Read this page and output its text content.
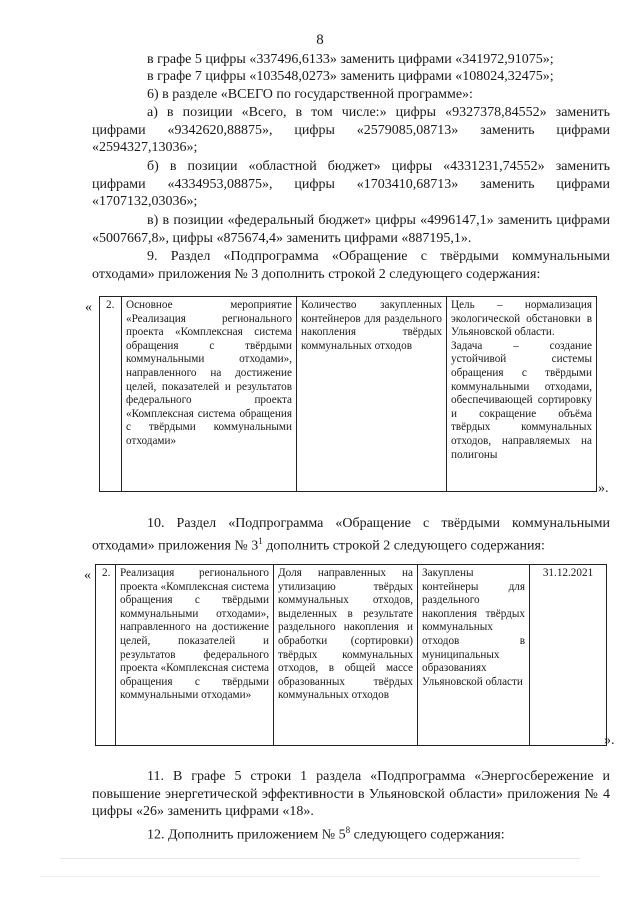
8
в графе 5 цифры «337496,6133» заменить цифрами «341972,91075»;
в графе 7 цифры «103548,0273» заменить цифрами «108024,32475»;
6) в разделе «ВСЕГО по государственной программе»:
а) в позиции «Всего, в том числе:» цифры «9327378,84552» заменить цифрами «9342620,88875», цифры «2579085,08713» заменить цифрами «2594327,13036»;
б) в позиции «областной бюджет» цифры «4331231,74552» заменить цифрами «4334953,08875», цифры «1703410,68713» заменить цифрами «1707132,03036»;
в) в позиции «федеральный бюджет» цифры «4996147,1» заменить цифрами «5007667,8», цифры «875674,4» заменить цифрами «887195,1».
9. Раздел «Подпрограмма «Обращение с твёрдыми коммунальными отходами» приложения № 3 дополнить строкой 2 следующего содержания:
« 2.	Основное мероприятие «Реализация регионального проекта «Комплексная система обращения с твёрдыми коммунальными отходами», направленного на достижение целей, показателей и результатов федерального проекта «Комплексная система обращения с твёрдыми коммунальными отходами»	Количество закупленных контейнеров для раздельного накопления твёрдых коммунальных отходов	
Цель – нормализация экологической обстановки в Ульяновской области.
Задача – создание устойчивой системы обращения с твёрдыми коммунальными отходами, обеспечивающей сортировку и сокращение объёма твёрдых коммунальных отходов, направляемых на полигоны
».
10. Раздел «Подпрограмма «Обращение с твёрдыми коммунальными отходами» приложения № $3^1$ дополнить строкой 2 следующего содержания:
« 2.	Реализация регионального проекта «Комплексная система обращения с твёрдыми коммунальными отходами», направленного на достижение целей, показателей и результатов федерального проекта «Комплексная система обращения с твёрдыми коммунальными отходами»	Доля направленных на утилизацию твёрдых коммунальных отходов, выделенных в результате раздельного накопления и обработки (сортировки) твёрдых коммунальных отходов, в общей массе образованных твёрдых коммунальных отходов	Закуплены контейнеры для раздельного накопления твёрдых коммунальных отходов в муниципальных образованиях Ульяновской области	31.12.2021
».
11. В графе 5 строки 1 раздела «Подпрограмма «Энергосбережение и повышение энергетической эффективности в Ульяновской области» приложения № 4 цифры «26» заменить цифрами «18».
12. Дополнить приложением № $5^8$ следующего содержания:
